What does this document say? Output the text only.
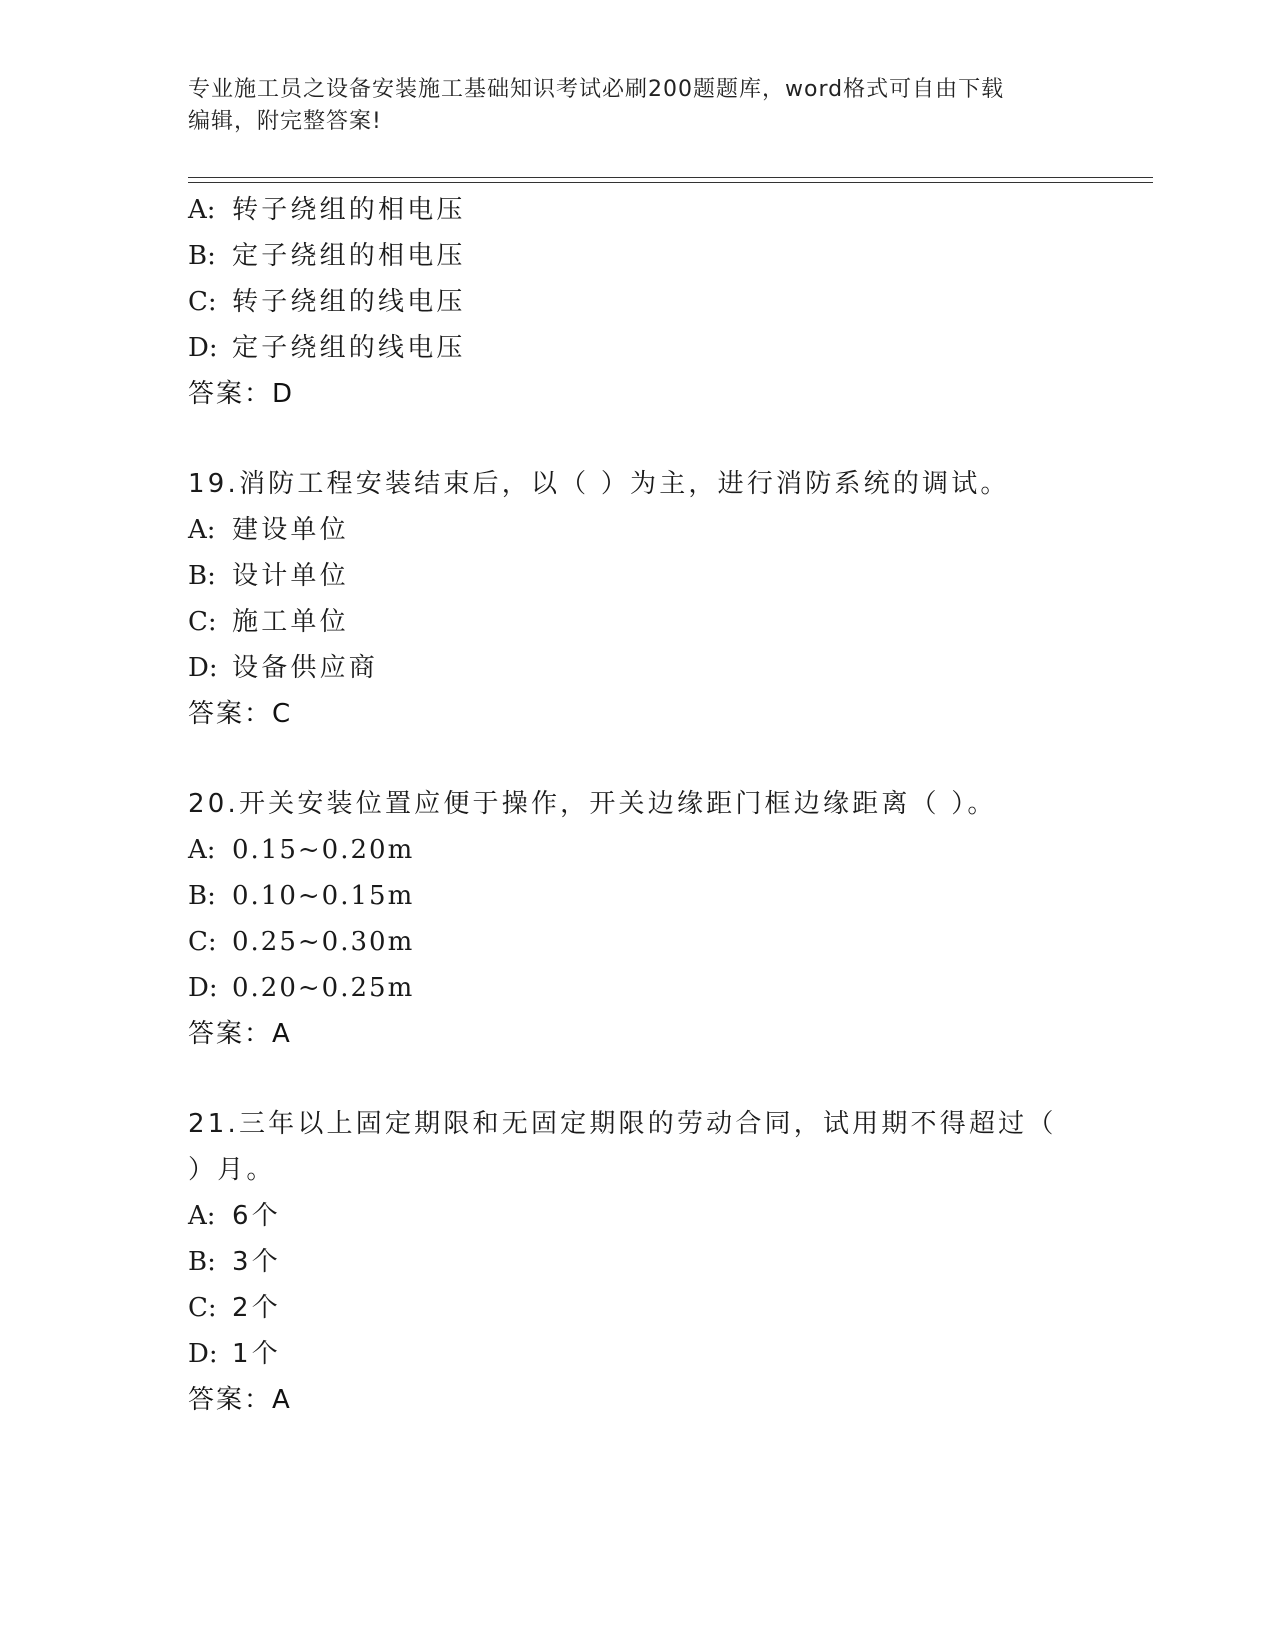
专业施工员之设备安装施工基础知识考试必刷200题题库，word格式可自由下载
编辑，附完整答案!
A: 转子绕组的相电压
B: 定子绕组的相电压
C: 转子绕组的线电压
D: 定子绕组的线电压
答案：D
19.消防工程安装结束后，以（ ）为主，进行消防系统的调试。
A: 建设单位
B: 设计单位
C: 施工单位
D: 设备供应商
答案：C
20.开关安装位置应便于操作，开关边缘距门框边缘距离（ ）。
A: 0.15~0.20m
B: 0.10~0.15m
C: 0.25~0.30m
D: 0.20~0.25m
答案：A
21.三年以上固定期限和无固定期限的劳动合同，试用期不得超过（
）月。
A: 6个
B: 3个
C: 2个
D: 1个
答案：A
